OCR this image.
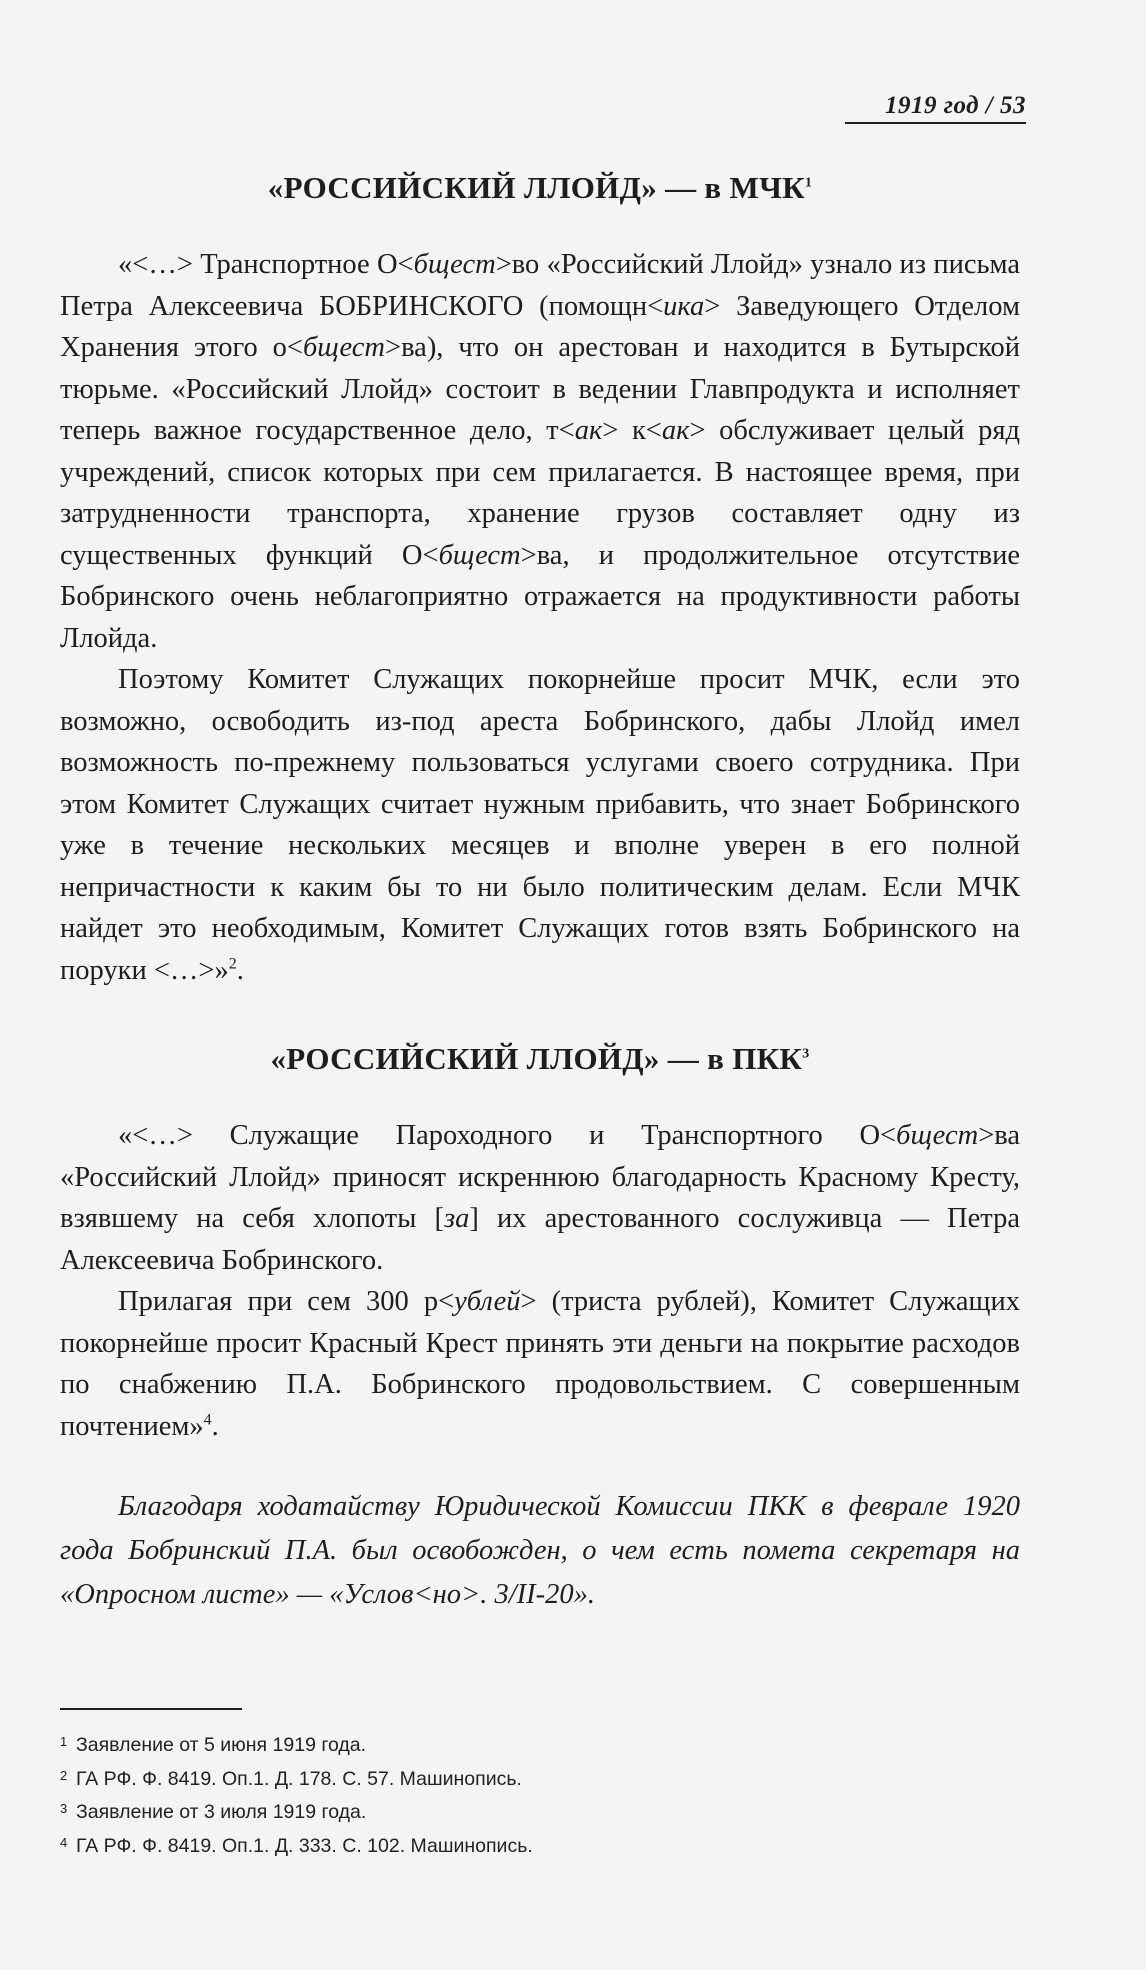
1919 год / 53
«РОССИЙСКИЙ ЛЛОЙД» — в МЧК$^1$

«<…> Транспортное О<бщест>во «Российский Ллойд» узнало из письма Петра Алексеевича БОБРИНСКОГО (помощн<ика> Заведующего Отделом Хранения этого о<бщест>ва), что он арестован и находится в Бутырской тюрьме. «Российский Ллойд» состоит в ведении Главпродукта и исполняет теперь важное государственное дело, т<ак> к<ак> обслуживает целый ряд учреждений, список которых при сем прилагается. В настоящее время, при затрудненности транспорта, хранение грузов составляет одну из существенных функций О<бщест>ва, и продолжительное отсутствие Бобринского очень неблагоприятно отражается на продуктивности работы Ллойда.

Поэтому Комитет Служащих покорнейше просит МЧК, если это возможно, освободить из-под ареста Бобринского, дабы Ллойд имел возможность по-прежнему пользоваться услугами своего сотрудника. При этом Комитет Служащих считает нужным прибавить, что знает Бобринского уже в течение нескольких месяцев и вполне уверен в его полной непричастности к каким бы то ни было политическим делам. Если МЧК найдет это необходимым, Комитет Служащих готов взять Бобринского на поруки <…>»$^2$.

«РОССИЙСКИЙ ЛЛОЙД» — в ПКК$^3$

«<…> Служащие Пароходного и Транспортного О<бщест>ва «Российский Ллойд» приносят искреннюю благодарность Красному Кресту, взявшему на себя хлопоты [за] их арестованного сослуживца — Петра Алексеевича Бобринского.

Прилагая при сем 300 р<ублей> (триста рублей), Комитет Служащих покорнейше просит Красный Крест принять эти деньги на покрытие расходов по снабжению П.А. Бобринского продовольствием. С совершенным почтением»$^4$.

Благодаря ходатайству Юридической Комиссии ПКК в феврале 1920 года Бобринский П.А. был освобожден, о чем есть помета секретаря на «Опросном листе» — «Услов<но>. 3/II-20».

1 Заявление от 5 июня 1919 года.
2 ГА РФ. Ф. 8419. Оп.1. Д. 178. С. 57. Машинопись.
3 Заявление от 3 июля 1919 года.
4 ГА РФ. Ф. 8419. Оп.1. Д. 333. С. 102. Машинопись.
